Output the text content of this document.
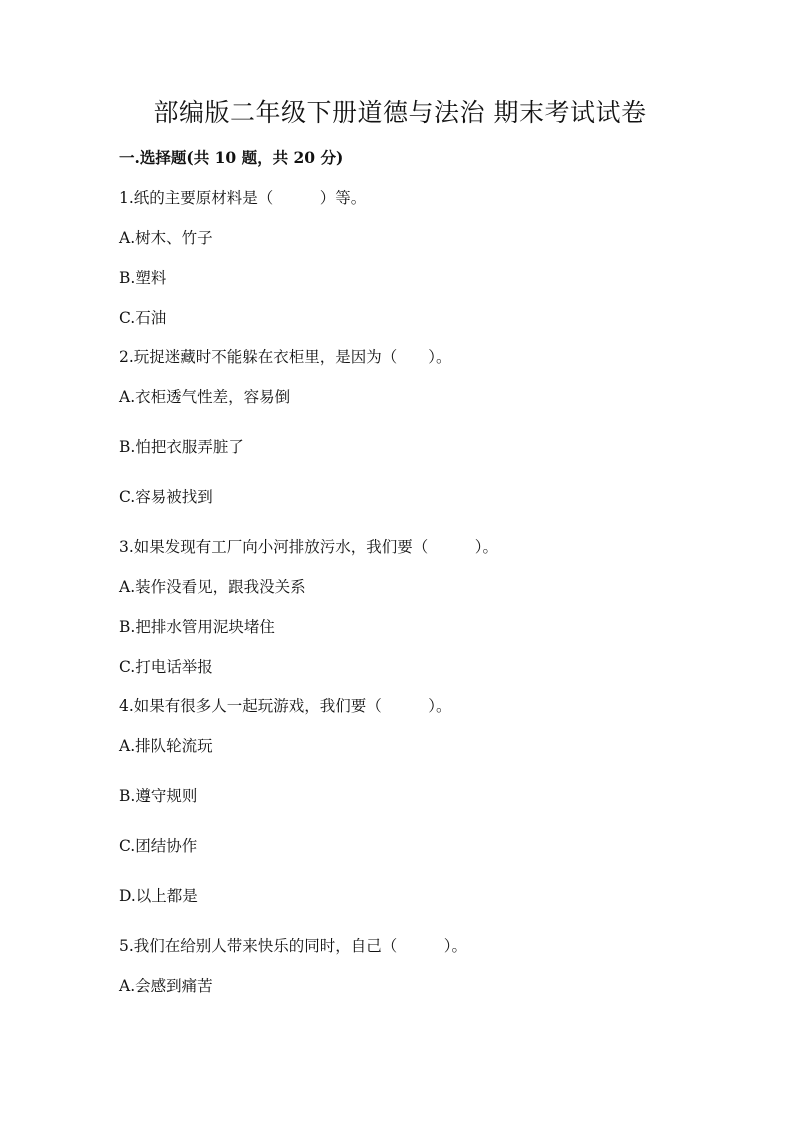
部编版二年级下册道德与法治 期末考试试卷
一.选择题(共 10 题，共 20 分)
1.纸的主要原材料是（　　　）等。
A.树木、竹子
B.塑料
C.石油
2.玩捉迷藏时不能躲在衣柜里，是因为（　　）。
A.衣柜透气性差，容易倒
B.怕把衣服弄脏了
C.容易被找到
3.如果发现有工厂向小河排放污水，我们要（　　　）。
A.装作没看见，跟我没关系
B.把排水管用泥块堵住
C.打电话举报
4.如果有很多人一起玩游戏，我们要（　　　）。
A.排队轮流玩
B.遵守规则
C.团结协作
D.以上都是
5.我们在给别人带来快乐的同时，自己（　　　）。
A.会感到痛苦
